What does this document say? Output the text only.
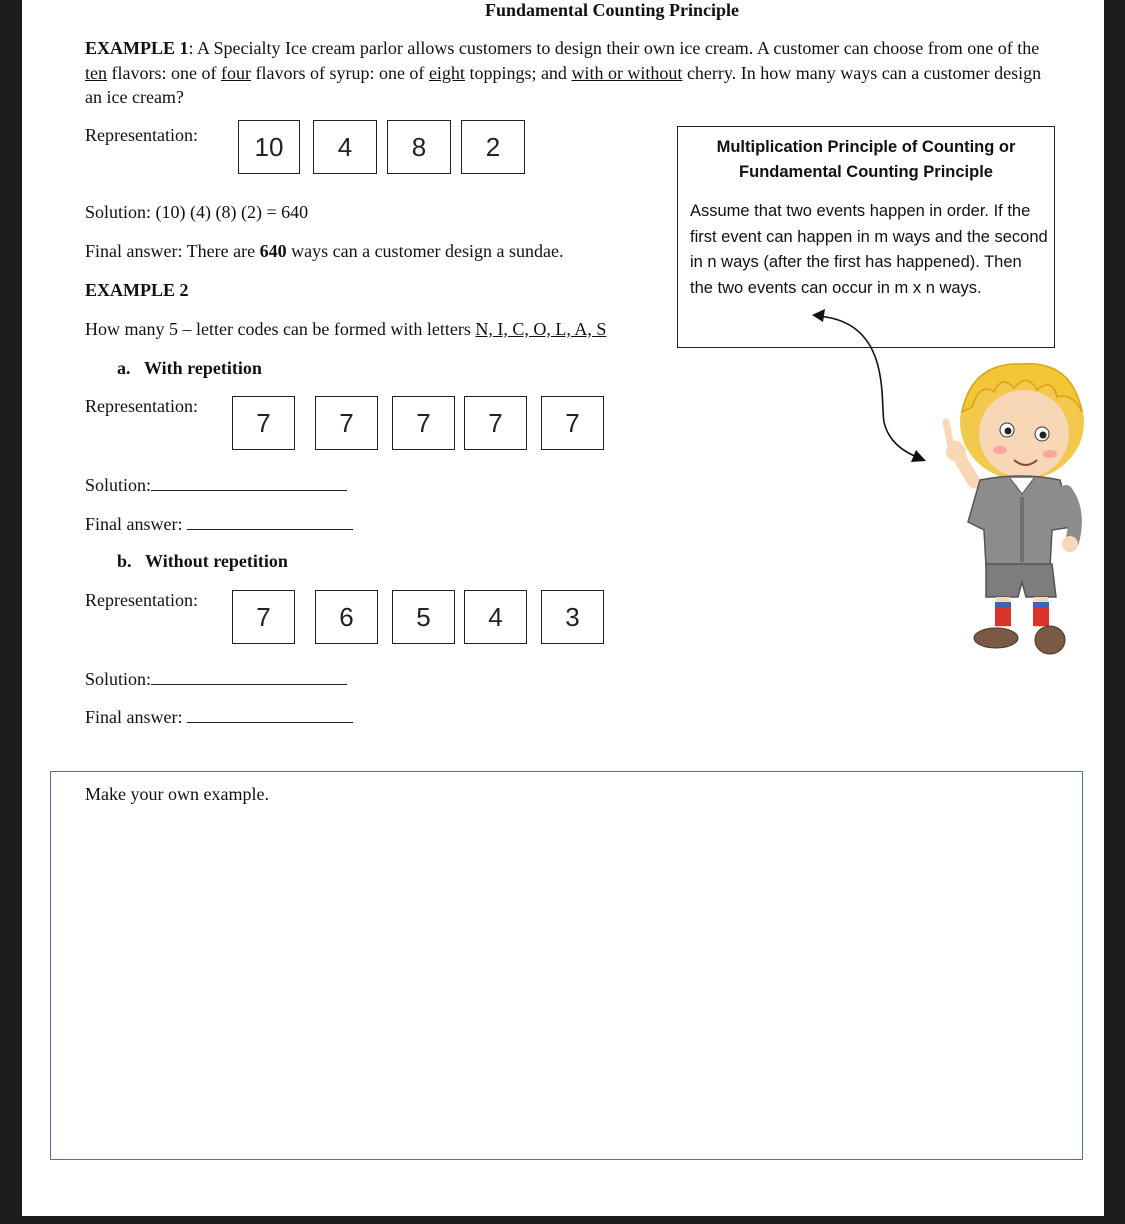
Fundamental Counting Principle
EXAMPLE 1: A Specialty Ice cream parlor allows customers to design their own ice cream. A customer can choose from one of the ten flavors: one of four flavors of syrup: one of eight toppings; and with or without cherry. In how many ways can a customer design an ice cream?
Representation:	10	4	8	2
Solution: (10) (4) (8) (2) = 640
Final answer: There are 640 ways can a customer design a sundae.
EXAMPLE 2
How many 5 – letter codes can be formed with letters N, I, C, O, L, A, S
a. With repetition
Representation:
7	7	7	7	7
Solution:
Final answer:
b. Without repetition
Representation:
7	6	5	4	3
Solution:
Final answer:
Multiplication Principle of Counting or
Fundamental Counting Principle
Assume that two events happen in order. If the first event can happen in m ways and the second in n ways (after the first has happened). Then the two events can occur in m x n ways.
Make your own example.
